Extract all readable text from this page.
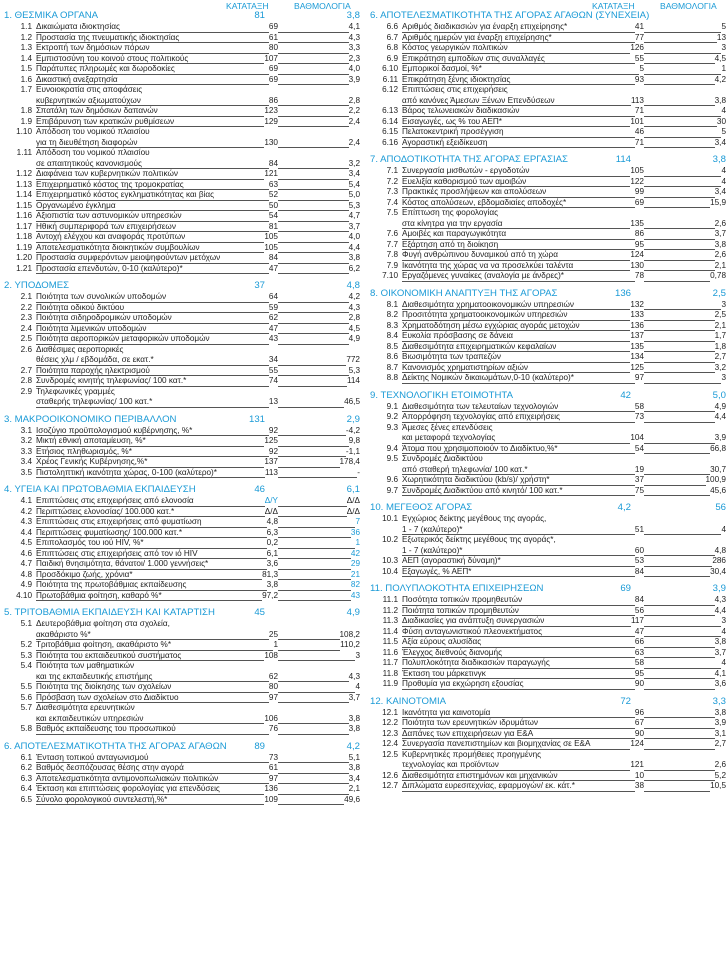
ΚΑΤΑΤΑΞΗ	ΒΑΘΜΟΛΟΓΙΑ
1. ΘΕΣΜΙΚΑ ΟΡΓΑΝΑ	81	3,8
1.1 Δικαιώματα ιδιοκτησίας	69	4,1
1.2 Προστασία της πνευματικής ιδιοκτησίας	61	4,3
1.3 Εκτροπή των δημόσιων πόρων	80	3,3
1.4 Εμπιστοσύνη του κοινού στους πολιτικούς	107	2,3
1.5 Παράτυπες πληρωμές και δωροδοκίες	69	4,0
1.6 Δικαστική ανεξαρτησία	69	3,9
1.7 Ευνοιοκρατία στις αποφάσεις
κυβερνητικών αξιωματούχων	86	2,8
1.8 Σπατάλη των δημόσιων δαπανών	123	2,2
1.9 Επιβάρυνση των κρατικών ρυθμίσεων	129	2,4
1.10 Απόδοση του νομικού πλαισίου
για τη διευθέτηση διαφορών	130	2,4
1.11 Απόδοση του νομικού πλαισίου
σε απαιτητικούς κανονισμούς	84	3,2
1.12 Διαφάνεια των κυβερνητικών πολιτικών	121	3,4
1.13 Επιχειρηματικό κόστος της τρομοκρατίας	63	5,4
1.14 Επιχειρηματικό κόστος εγκληματικότητας και βίας	52	5,0
1.15 Οργανωμένο έγκλημα	50	5,3
1.16 Αξιοπιστία των αστυνομικών υπηρεσιών	54	4,7
1.17 Ηθική συμπεριφορά των επιχειρήσεων	81	3,7
1.18 Αντοχή ελέγχου και αναφοράς προτύπων	105	4,0
1.19 Αποτελεσματικότητα διοικητικών συμβουλίων	105	4,4
1.20 Προστασία συμφερόντων μειοψηφούντων μετόχων	84	3,8
1.21 Προστασία επενδυτών, 0-10 (καλύτερο)*	47	6,2
2. ΥΠΟΔΟΜΕΣ	37	4,8
2.1 Ποιότητα των συνολικών υποδομών	64	4,2
2.2 Ποιότητα οδικού δικτύου	59	4,3
2.3 Ποιότητα σιδηροδρομικών υποδομών	62	2,8
2.4 Ποιότητα λιμενικών υποδομών	47	4,5
2.5 Ποιότητα αεροπορικών μεταφορικών υποδομών	43	4,9
2.6 Διαθέσιμες αεροπορικές
θέσεις χλμ / εβδομάδα, σε εκατ.*	34	772
2.7 Ποιότητα παροχής ηλεκτρισμού	55	5,3
2.8 Συνδρομές κινητής τηλεφωνίας/ 100 κατ.*	74	114
2.9 Τηλεφωνικές γραμμές
σταθερής τηλεφωνίας/ 100 κατ.*	13	46,5
3. ΜΑΚΡΟΟΙΚΟΝΟΜΙΚΟ ΠΕΡΙΒΑΛΛΟΝ	131	2,9
3.1 Ισοζύγιο προϋπολογισμού κυβέρνησης, %*	92	-4,2
3.2 Μικτή εθνική αποταμίευση, %*	125	9,8
3.3 Ετήσιος πληθωρισμός, %*	92	-1,1
3.4 Χρέος Γενικής Κυβέρνησης,%*	137	178,4
3.5 Πιστοληπτική ικανότητα χώρας, 0-100 (καλύτερο)*	113	-
4. ΥΓΕΙΑ ΚΑΙ ΠΡΩΤΟΒΑΘΜΙΑ ΕΚΠΑΙΔΕΥΣΗ	46	6,1
4.1 Επιπτώσεις στις επιχειρήσεις από ελονοσία	Δ/Υ	Δ/Δ
4.2 Περιπτώσεις ελονοσίας/ 100.000 κατ.*	Δ/Δ	Δ/Δ
4.3 Επιπτώσεις στις επιχειρήσεις από φυματίωση	4,8	7
4.4 Περιπτώσεις φυματίωσης/ 100.000 κατ.*	6,3	36
4.5 Επιπολασμός του ιού HIV, %*	0,2	1
4.6 Επιπτώσεις στις επιχειρήσεις από τον ιό HIV	6,1	42
4.7 Παιδική θνησιμότητα, θάνατοι/ 1.000 γεννήσεις*	3,6	29
4.8 Προσδόκιμο ζωής, χρόνια*	81,3	21
4.9 Ποιότητα της πρωτοβάθμιας εκπαίδευσης	3,8	82
4.10 Πρωτοβάθμια φοίτηση, καθαρό %*	97,2	43
5. ΤΡΙΤΟΒΑΘΜΙΑ ΕΚΠΑΙΔΕΥΣΗ ΚΑΙ ΚΑΤΑΡΤΙΣΗ	45	4,9
5.1 Δευτεροβάθμια φοίτηση στα σχολεία,
ακαθάριστο %*	25	108,2
5.2 Τριτοβάθμια φοίτηση, ακαθάριστο %*	1	110,2
5.3 Ποιότητα του εκπαιδευτικού συστήματος	108	3
5.4 Ποιότητα των μαθηματικών
και της εκπαιδευτικής επιστήμης	62	4,3
5.5 Ποιότητα της διοίκησης των σχολείων	80	4
5.6 Πρόσβαση των σχολείων στο Διαδίκτυο	97	3,7
5.7 Διαθεσιμότητα ερευνητικών
και εκπαιδευτικών υπηρεσιών	106	3,8
5.8 Βαθμός εκπαίδευσης του προσωπικού	76	3,8
6. ΑΠΟΤΕΛΕΣΜΑΤΙΚΟΤΗΤΑ ΤΗΣ ΑΓΟΡΑΣ ΑΓΑΘΩΝ	89	4,2
6.1 Ένταση τοπικού ανταγωνισμού	73	5,1
6.2 Βαθμός δεσπόζουσας θέσης στην αγορά	61	3,8
6.3 Αποτελεσματικότητα αντιμονοπωλιακών πολιτικών	97	3,4
6.4 Έκταση και επιπτώσεις φορολογίας για επενδύσεις	136	2,1
6.5 Σύνολο φορολογικού συντελεστή,%*	109	49,6
ΚΑΤΑΤΑΞΗ	ΒΑΘΜΟΛΟΓΙΑ
6. ΑΠΟΤΕΛΕΣΜΑΤΙΚΟΤΗΤΑ ΤΗΣ ΑΓΟΡΑΣ ΑΓΑΘΩΝ (ΣΥΝΕΧΕΙΑ)
6.6 Αριθμός διαδικασιών για έναρξη επιχείρησης*	41	5
6.7 Αριθμός ημερών για έναρξη επιχείρησης*	77	13
6.8 Κόστος γεωργικών πολιτικών	126	3
6.9 Επικράτηση εμποδίων στις συναλλαγές	55	4,5
6.10 Εμπορικοί δασμοί, %*	5	1
6.11 Επικράτηση ξένης ιδιοκτησίας	93	4,2
6.12 Επιπτώσεις στις επιχειρήσεις
από κανόνες Άμεσων Ξένων Επενδύσεων	113	3,8
6.13 Βάρος τελωνειακών διαδικασιών	71	4
6.14 Εισαγωγές, ως % του ΑΕΠ*	101	30
6.15 Πελατοκεντρική προσέγγιση	46	5
6.16 Αγοραστική εξειδίκευση	71	3,4
7. ΑΠΟΔΟΤΙΚΟΤΗΤΑ ΤΗΣ ΑΓΟΡΑΣ ΕΡΓΑΣΙΑΣ	114	3,8
7.1 Συνεργασία μισθωτών - εργοδοτών	105	4
7.2 Ευελιξία καθορισμού των αμοιβών	122	4
7.3 Πρακτικές προσλήψεων και απολύσεων	99	3,4
7.4 Κόστος απολύσεων, εβδομαδιαίες αποδοχές*	69	15,9
7.5 Επίπτωση της φορολογίας
στα κίνητρα για την εργασία	135	2,6
7.6 Αμοιβές και παραγωγικότητα	86	3,7
7.7 Εξάρτηση από τη διοίκηση	95	3,8
7.8 Φυγή ανθρώπινου δυναμικού από τη χώρα	124	2,6
7.9 Ικανότητα της χώρας να να προσελκύει ταλέντα	130	2,1
7.10 Εργαζόμενες γυναίκες (αναλογία με άνδρες)*	78	0,78
8. ΟΙΚΟΝΟΜΙΚΗ ΑΝΑΠΤΥΞΗ ΤΗΣ ΑΓΟΡΑΣ	136	2,5
8.1 Διαθεσιμότητα χρηματοοικονομικών υπηρεσιών	132	3
8.2 Προσιτότητα χρηματοοικονομικών υπηρεσιών	133	2,5
8.3 Χρηματοδότηση μέσω εγχώριας αγοράς μετοχών	136	2,1
8.4 Ευκολία πρόσβασης σε δάνεια	137	1,7
8.5 Διαθεσιμότητα επιχειρηματικών κεφαλαίων	135	1,8
8.6 Βιωσιμότητα των τραπεζών	134	2,7
8.7 Κανονισμός χρηματιστηρίων αξιών	125	3,2
8.8 Δείκτης Νομικών δικαιωμάτων,0-10 (καλύτερο)*	97	3
9. ΤΕΧΝΟΛΟΓΙΚΗ ΕΤΟΙΜΟΤΗΤΑ	42	5,0
9.1 Διαθεσιμότητα των τελευταίων τεχνολογιών	58	4,9
9.2 Απορρόφηση τεχνολογίας από επιχειρήσεις	73	4,4
9.3 Άμεσες ξένες επενδύσεις
και μεταφορά τεχνολογίας	104	3,9
9.4 Άτομα που χρησιμοποιούν το Διαδίκτυο,%*	54	66,8
9.5 Συνδρομές Διαδικτύου
από σταθερή τηλεφωνία/ 100 κατ.*	19	30,7
9.6 Χωρητικότητα διαδικτύου (kb/s)/ χρήστη*	37	100,9
9.7 Συνδρομές Διαδικτύου από κινητό/ 100 κατ.*	75	45,6
10. ΜΕΓΕΘΟΣ ΑΓΟΡΑΣ	4,2	56
10.1 Εγχώριος δείκτης μεγέθους της αγοράς,
1 - 7 (καλύτερο)*	51	4
10.2 Εξωτερικός δείκτης μεγέθους της αγοράς*,
1 - 7 (καλύτερο)*	60	4,8
10.3 ΑΕΠ (αγοραστική δύναμη)*	53	286
10.4 Εξαγωγές, % ΑΕΠ*	84	30,4
11. ΠΟΛΥΠΛΟΚΟΤΗΤΑ ΕΠΙΧΕΙΡΗΣΕΩΝ	69	3,9
11.1 Ποσότητα τοπικών προμηθευτών	84	4,3
11.2 Ποιότητα τοπικών προμηθευτών	56	4,4
11.3 Διαδικασίες για ανάπτυξη συνεργασιών	117	3
11.4 Φύση ανταγωνιστικού πλεονεκτήματος	47	4
11.5 Αξία εύρους αλυσίδας	66	3,8
11.6 Έλεγχος διεθνούς διανομής	63	3,7
11.7 Πολυπλοκότητα διαδικασιών παραγωγής	58	4
11.8 Έκταση του μάρκετινγκ	95	4,1
11.9 Προθυμία για εκχώρηση εξουσίας	90	3,6
12. ΚΑΙΝΟΤΟΜΙΑ	72	3,3
12.1 Ικανότητα για καινοτομία	96	3,8
12.2 Ποιότητα των ερευνητικών ιδρυμάτων	67	3,9
12.3 Δαπάνες των επιχειρήσεων για Ε&Α	90	3,1
12.4 Συνεργασία πανεπιστημίων και βιομηχανίας σε Ε&Α	124	2,7
12.5 Κυβερνητικές προμήθειες προηγμένης
τεχνολογίας και προϊόντων	121	2,6
12.6 Διαθεσιμότητα επιστημόνων και μηχανικών	10	5,2
12.7 Διπλώματα ευρεσιτεχνίας, εφαρμογών/ εκ. κάτ.*	38	10,5
